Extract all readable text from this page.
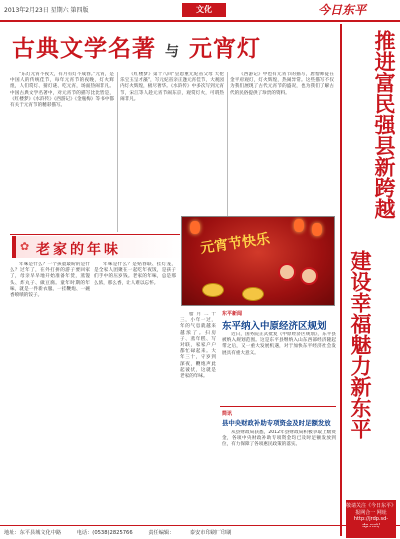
2013年2月23日 星期六 第四版	文化	今日东平
古典文学名著 与 元宵灯

“东灯元宵不夜天，有月有灯不成春。”元宵，是中国人的传统佳节，每年元宵节的夜晚，灯火辉煌，人们赏灯、猜灯谜、吃元宵，场面热闹非凡。中国古典文学名著中，对元宵节的描写比比皆是，《红楼梦》《水浒传》《西游记》《金瓶梅》等书中都有关于元宵节的精彩描写。

《红楼梦》第十八回“皇恩重元妃省父母 天伦乐宝玉呈才藻”，写元妃省亲正逢元宵佳节，大观园内灯火辉煌，极尽奢华。《水浒传》中多次写到元宵节，宋江等人趁元宵节闹东京，观赏灯火，可谓热闹非凡。

《西游记》中也有元宵节的描写，唐僧师徒在金平府观灯，灯火辉煌，热闹异常。这些描写不仅为我们展现了古代元宵节的盛况，也为我们了解古代的民俗提供了珍贵的资料。

✿ 老家的年味

年味是什么？一个孩童最盼的是什么？过年了，在外打拼的游子要回家了，母亲早早地开始准备年货，蒸馒头、炸丸子、做豆腐。童年时期的年味，就是一件新衣服、一挂鞭炮、一碗香喷喷的饺子。

年味是什么？是贴春联、挂灯笼，是全家人团聚在一起吃年夜饭，是孩子们手中的压岁钱。老家的年味，总是那么浓，那么香，让人难以忘怀。

腊月二十三，小年一过，年的气息就越来越浓了。扫房子、蒸年糕、写对联，家家户户都忙碌起来。大年三十，守岁到深夜，鞭炮声此起彼伏，这就是老家的年味。

元宵节快乐
东平新闻
东平纳入中原经济区规划

近日，国务院正式批复《中原经济区规划》，东平县被纳入规划范围。这是东平县继纳入山东西部经济隆起带之后，又一重大发展机遇，对于加快东平经济社会发展具有重大意义。

简讯
县中央财政补助专项资金及时足额发放

从县财政局获悉，2012年县财政局积极争取上级资金，各项中央财政补助专项资金均已及时足额发放到位，有力保障了各项惠民政策的落实。

推进富民强县新跨越
建设幸福魅力新东平
敬请关注《今日东平》报网合一 网址 http://jrdp.sd-dp.net/
地址：东平县城文化中路	电话：(0538)2825766	责任编辑：	泰安市印刷厂印刷
